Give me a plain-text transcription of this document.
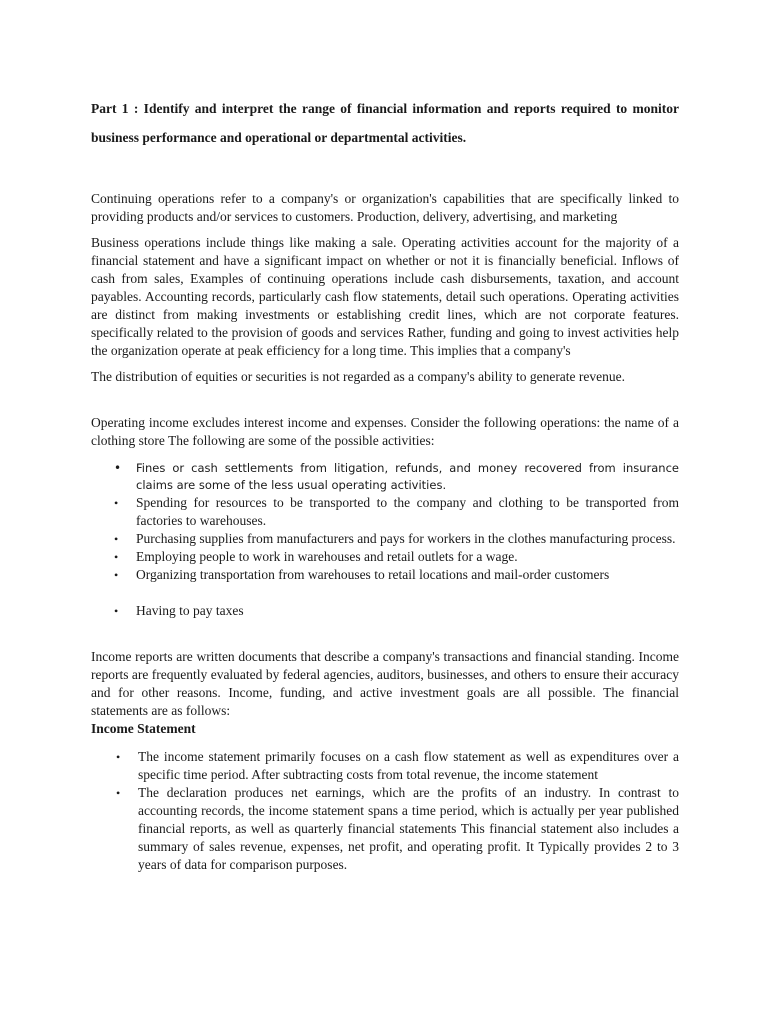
Part 1 : Identify and interpret the range of financial information and reports required to monitor business performance and operational or departmental activities.

Continuing operations refer to a company's or organization's capabilities that are specifically linked to providing products and/or services to customers. Production, delivery, advertising, and marketing

Business operations include things like making a sale. Operating activities account for the majority of a financial statement and have a significant impact on whether or not it is financially beneficial. Inflows of cash from sales, Examples of continuing operations include cash disbursements, taxation, and account payables. Accounting records, particularly cash flow statements, detail such operations. Operating activities are distinct from making investments or establishing credit lines, which are not corporate features. specifically related to the provision of goods and services Rather, funding and going to invest activities help the organization operate at peak efficiency for a long time. This implies that a company's

The distribution of equities or securities is not regarded as a company's ability to generate revenue.

Operating income excludes interest income and expenses. Consider the following operations: the name of a clothing store The following are some of the possible activities:

• Fines or cash settlements from litigation, refunds, and money recovered from insurance claims are some of the less usual operating activities.
• Spending for resources to be transported to the company and clothing to be transported from factories to warehouses.
• Purchasing supplies from manufacturers and pays for workers in the clothes manufacturing process.
• Employing people to work in warehouses and retail outlets for a wage.
• Organizing transportation from warehouses to retail locations and mail-order customers
• Having to pay taxes

Income reports are written documents that describe a company's transactions and financial standing. Income reports are frequently evaluated by federal agencies, auditors, businesses, and others to ensure their accuracy and for other reasons. Income, funding, and active investment goals are all possible. The financial statements are as follows:

Income Statement

• The income statement primarily focuses on a cash flow statement as well as expenditures over a specific time period. After subtracting costs from total revenue, the income statement
• The declaration produces net earnings, which are the profits of an industry. In contrast to accounting records, the income statement spans a time period, which is actually per year published financial reports, as well as quarterly financial statements This financial statement also includes a summary of sales revenue, expenses, net profit, and operating profit. It Typically provides 2 to 3 years of data for comparison purposes.
